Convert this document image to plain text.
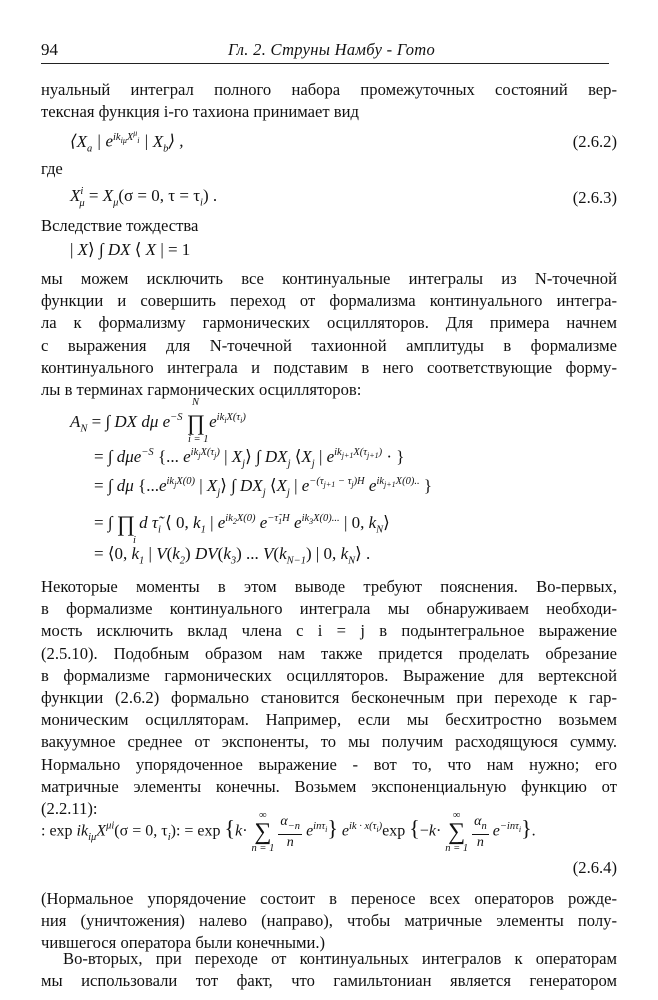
94	Гл. 2. Струны Намбу - Гото
нуальный интеграл полного набора промежуточных состояний вер-
тексная функция i-го тахиона принимает вид
$⟨X_a$ | $e^{ik_{i\mu}X^\mu_i}$ | $X_b⟩$ ,	(2.6.2)
где
$X^i_\mu = X_\mu(\sigma = 0$, $\tau = \tau_i$) .	(2.6.3)
Вследствие тождества
| X⟩ ∫ DX ⟨ X | = 1
мы можем исключить все континуальные интегралы из N-точечной
функции и совершить переход от формализма континуального интегра-
ла к формализму гармонических осцилляторов. Для примера начнем
с выражения для N-точечной тахионной амплитуды в формализме
континуального интеграла и подставим в него соответствующие форму-
лы в терминах гармонических осцилляторов:
$A_N$ = ∫ DX dμ $e^{-S}$ ∏ $e^{ik_iX(\tau_i)}$
N
i = 1
= ∫ dμe$^{-S}$ {... $e^{ik_jX(\tau_j)}$ | $X_j⟩$ ∫ $DX_j$ $⟨X_j$ | $e^{ik_{j+1}X(\tau_{j+1})}$ · }
= ∫ dμ {$...e^{ik_jX(0)}$ | $X_j⟩$ ∫ $DX_j$ $⟨X_j$ | $e^{-(\tau_{j+1} - \tau_j)H}$ $e^{ik_{j+1}X(0)..}$ }
= ∫ ∏ d $\taũ_i$ ⟨ 0, $k_1$ | $e^{ik_2X(0)}$ $e^{-\taũ_1H}$ $e^{ik_3X(0)...}$ | 0, $k_N⟩$
i
= ⟨0, $k_1$ | $V(k_2)$ $DV(k_3)$ ... $V(k_{N-1})$ | 0, $k_N⟩$ .
Некоторые моменты в этом выводе требуют пояснения. Во-первых,
в формализме континуального интеграла мы обнаруживаем необходи-
мость исключить вклад члена с i = j в подынтегральное выражение
(2.5.10). Подобным образом нам также придется проделать обрезание
в формализме гармонических осцилляторов. Выражение для вертексной
функции (2.6.2) формально становится бесконечным при переходе к гар-
моническим осцилляторам. Например, если мы бесхитростно возьмем
вакуумное среднее от экспоненты, то мы получим расходящуюся сумму.
Нормально упорядоченное выражение - вот то, что нам нужно; его
матричные элементы конечны. Возьмем экспоненциальную функцию от
(2.2.11):
: $\exp ik_{i\mu}X^{\mu i}(\sigma = 0$, $\tau_i$): = exp {k·
∞
∑
n = 1
$\frac{\alpha_{-n}}{n} e^{in\tau_i}$} $e^{ik \cdot x(\tau_i)}\exp$ {−k·
∞
∑
n = 1
$\frac{\alpha_n}{n} e^{-in\tau_i}$}.
(2.6.4)
(Нормальное упорядочение состоит в переносе всех операторов рожде-
ния (уничтожения) налево (направо), чтобы матричные элементы полу-
чившегося оператора были конечными.)
Во-вторых, при переходе от континуальных интегралов к операторам
мы использовали тот факт, что гамильтониан является генератором
